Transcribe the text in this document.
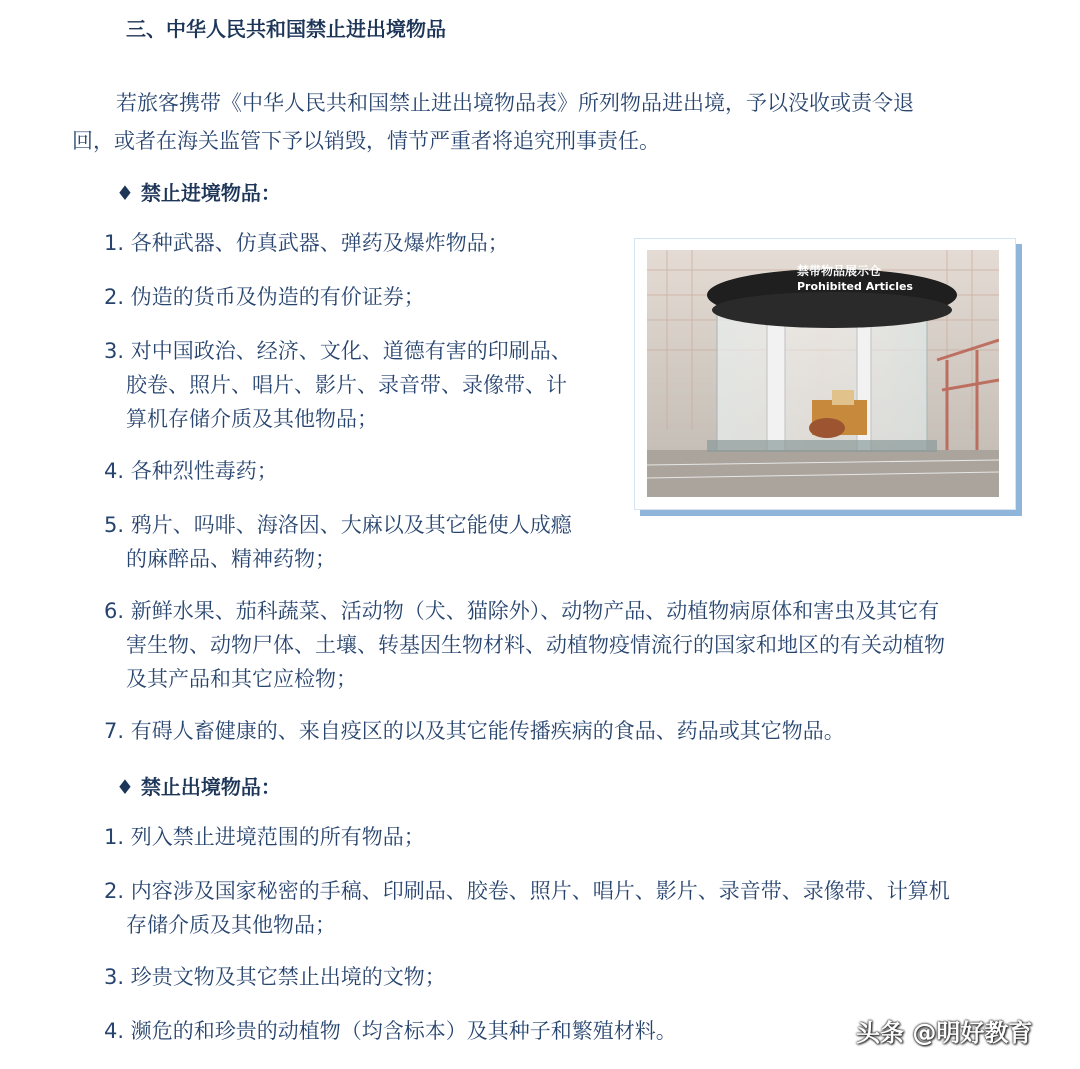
三、中华人民共和国禁止进出境物品
若旅客携带《中华人民共和国禁止进出境物品表》所列物品进出境，予以没收或责令退
回，或者在海关监管下予以销毁，情节严重者将追究刑事责任。
♦ 禁止进境物品：
1. 各种武器、仿真武器、弹药及爆炸物品；
2. 伪造的货币及伪造的有价证券；
3. 对中国政治、经济、文化、道德有害的印刷品、
胶卷、照片、唱片、影片、录音带、录像带、计
算机存储介质及其他物品；
4. 各种烈性毒药；
5. 鸦片、吗啡、海洛因、大麻以及其它能使人成瘾
的麻醉品、精神药物；
6. 新鲜水果、茄科蔬菜、活动物（犬、猫除外）、动物产品、动植物病原体和害虫及其它有
害生物、动物尸体、土壤、转基因生物材料、动植物疫情流行的国家和地区的有关动植物
及其产品和其它应检物；
7. 有碍人畜健康的、来自疫区的以及其它能传播疾病的食品、药品或其它物品。
♦ 禁止出境物品：
1. 列入禁止进境范围的所有物品；
2. 内容涉及国家秘密的手稿、印刷品、胶卷、照片、唱片、影片、录音带、录像带、计算机
存储介质及其他物品；
3. 珍贵文物及其它禁止出境的文物；
4. 濒危的和珍贵的动植物（均含标本）及其种子和繁殖材料。
禁带物品展示仓
Prohibited Articles
头条 @明好教育
